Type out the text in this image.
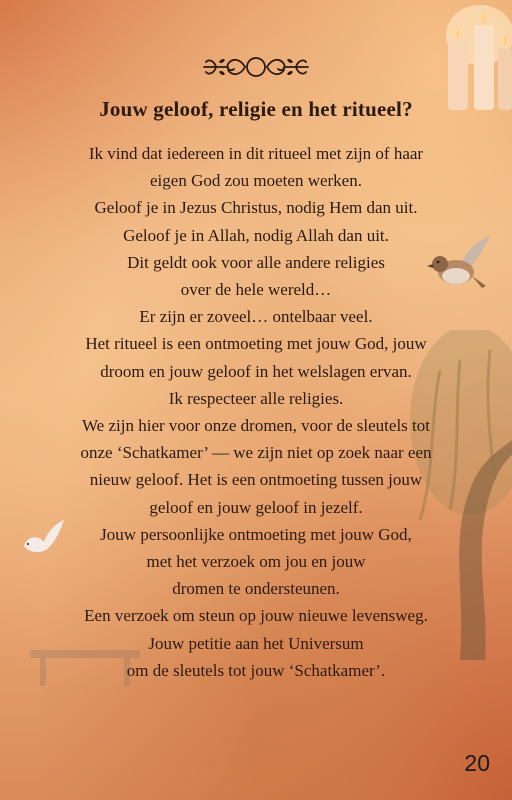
Jouw geloof, religie en het ritueel?
Ik vind dat iedereen in dit ritueel met zijn of haar
eigen God zou moeten werken.
Geloof je in Jezus Christus, nodig Hem dan uit.
Geloof je in Allah, nodig Allah dan uit.
Dit geldt ook voor alle andere religies
over de hele wereld…
Er zijn er zoveel… ontelbaar veel.
Het ritueel is een ontmoeting met jouw God, jouw
droom en jouw geloof in het welslagen ervan.
Ik respecteer alle religies.
We zijn hier voor onze dromen, voor de sleutels tot
onze ‘Schatkamer’ — we zijn niet op zoek naar een
nieuw geloof. Het is een ontmoeting tussen jouw
geloof en jouw geloof in jezelf.
Jouw persoonlijke ontmoeting met jouw God,
met het verzoek om jou en jouw
dromen te ondersteunen.
Een verzoek om steun op jouw nieuwe levensweg.
Jouw petitie aan het Universum
om de sleutels tot jouw ‘Schatkamer’.
20
